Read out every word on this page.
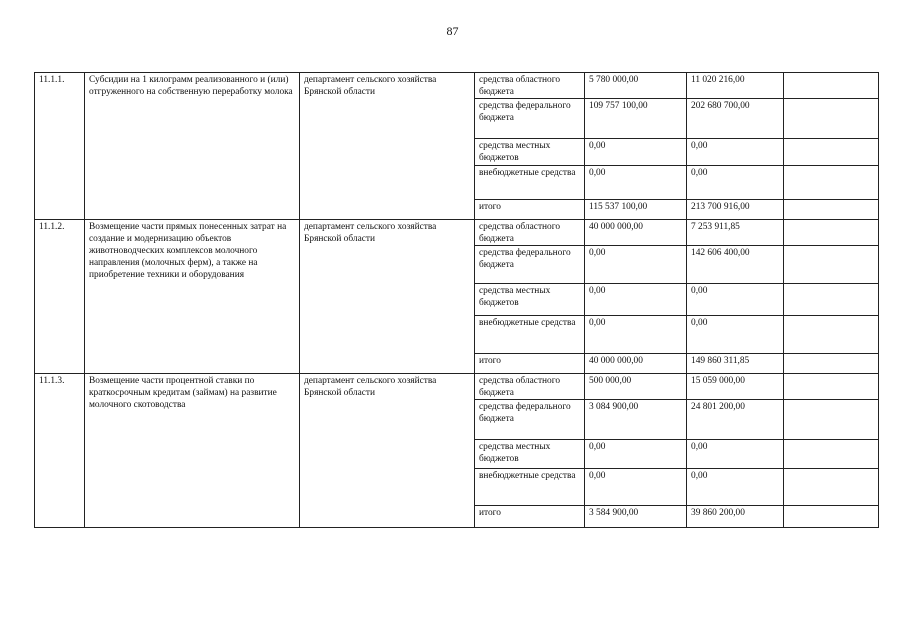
87
11.1.1.	Субсидии на 1 килограмм реализованного и (или) отгруженного на собственную переработку молока	департамент сельского хозяйства Брянской области	средства областного бюджета	5 780 000,00	11 020 216,00	
			средства федерального бюджета	109 757 100,00	202 680 700,00	
			средства местных бюджетов	0,00	0,00	
			внебюджетные средства	0,00	0,00	
			итого	115 537 100,00	213 700 916,00	
11.1.2.	Возмещение части прямых понесенных затрат на создание и модернизацию объектов животноводческих комплексов молочного направления (молочных ферм), а также на приобретение техники и оборудования	департамент сельского хозяйства Брянской области	средства областного бюджета	40 000 000,00	7 253 911,85	
			средства федерального бюджета	0,00	142 606 400,00	
			средства местных бюджетов	0,00	0,00	
			внебюджетные средства	0,00	0,00	
			итого	40 000 000,00	149 860 311,85	
11.1.3.	Возмещение части процентной ставки по краткосрочным кредитам (займам) на развитие молочного скотоводства	департамент сельского хозяйства Брянской области	средства областного бюджета	500 000,00	15 059 000,00	
			средства федерального бюджета	3 084 900,00	24 801 200,00	
			средства местных бюджетов	0,00	0,00	
			внебюджетные средства	0,00	0,00	
			итого	3 584 900,00	39 860 200,00	
